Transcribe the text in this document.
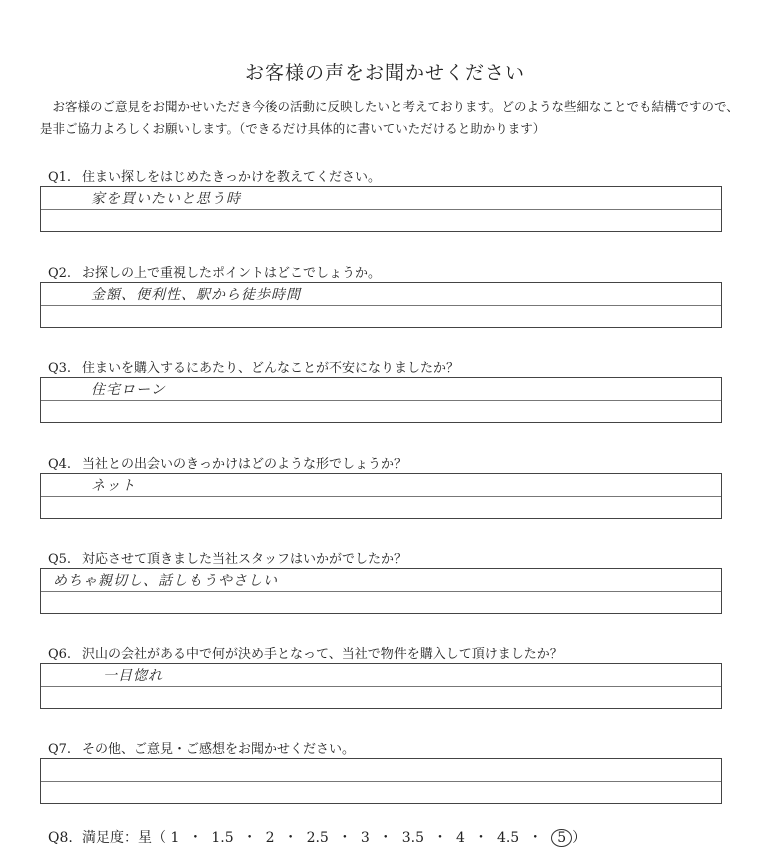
お客様の声をお聞かせください
お客様のご意見をお聞かせいただき今後の活動に反映したいと考えております。どのような些細なことでも結構ですので、是非ご協力よろしくお願いします。（できるだけ具体的に書いていただけると助かります）
Q1. 住まい探しをはじめたきっかけを教えてください。
家を買いたいと思う時
Q2. お探しの上で重視したポイントはどこでしょうか。
金額、便利性、駅から徒歩時間
Q3. 住まいを購入するにあたり、どんなことが不安になりましたか？
住宅ローン
Q4. 当社との出会いのきっかけはどのような形でしょうか？
ネット
Q5. 対応させて頂きました当社スタッフはいかがでしたか？
めちゃ親切し、話しもうやさしい
Q6. 沢山の会社がある中で何が決め手となって、当社で物件を購入して頂けましたか？
一目惚れ
Q7. その他、ご意見・ご感想をお聞かせください。
Q8. 満足度：星（ 1 ・ 1.5 ・ 2 ・ 2.5 ・ 3 ・ 3.5 ・ 4 ・ 4.5 ・ 5 ）
